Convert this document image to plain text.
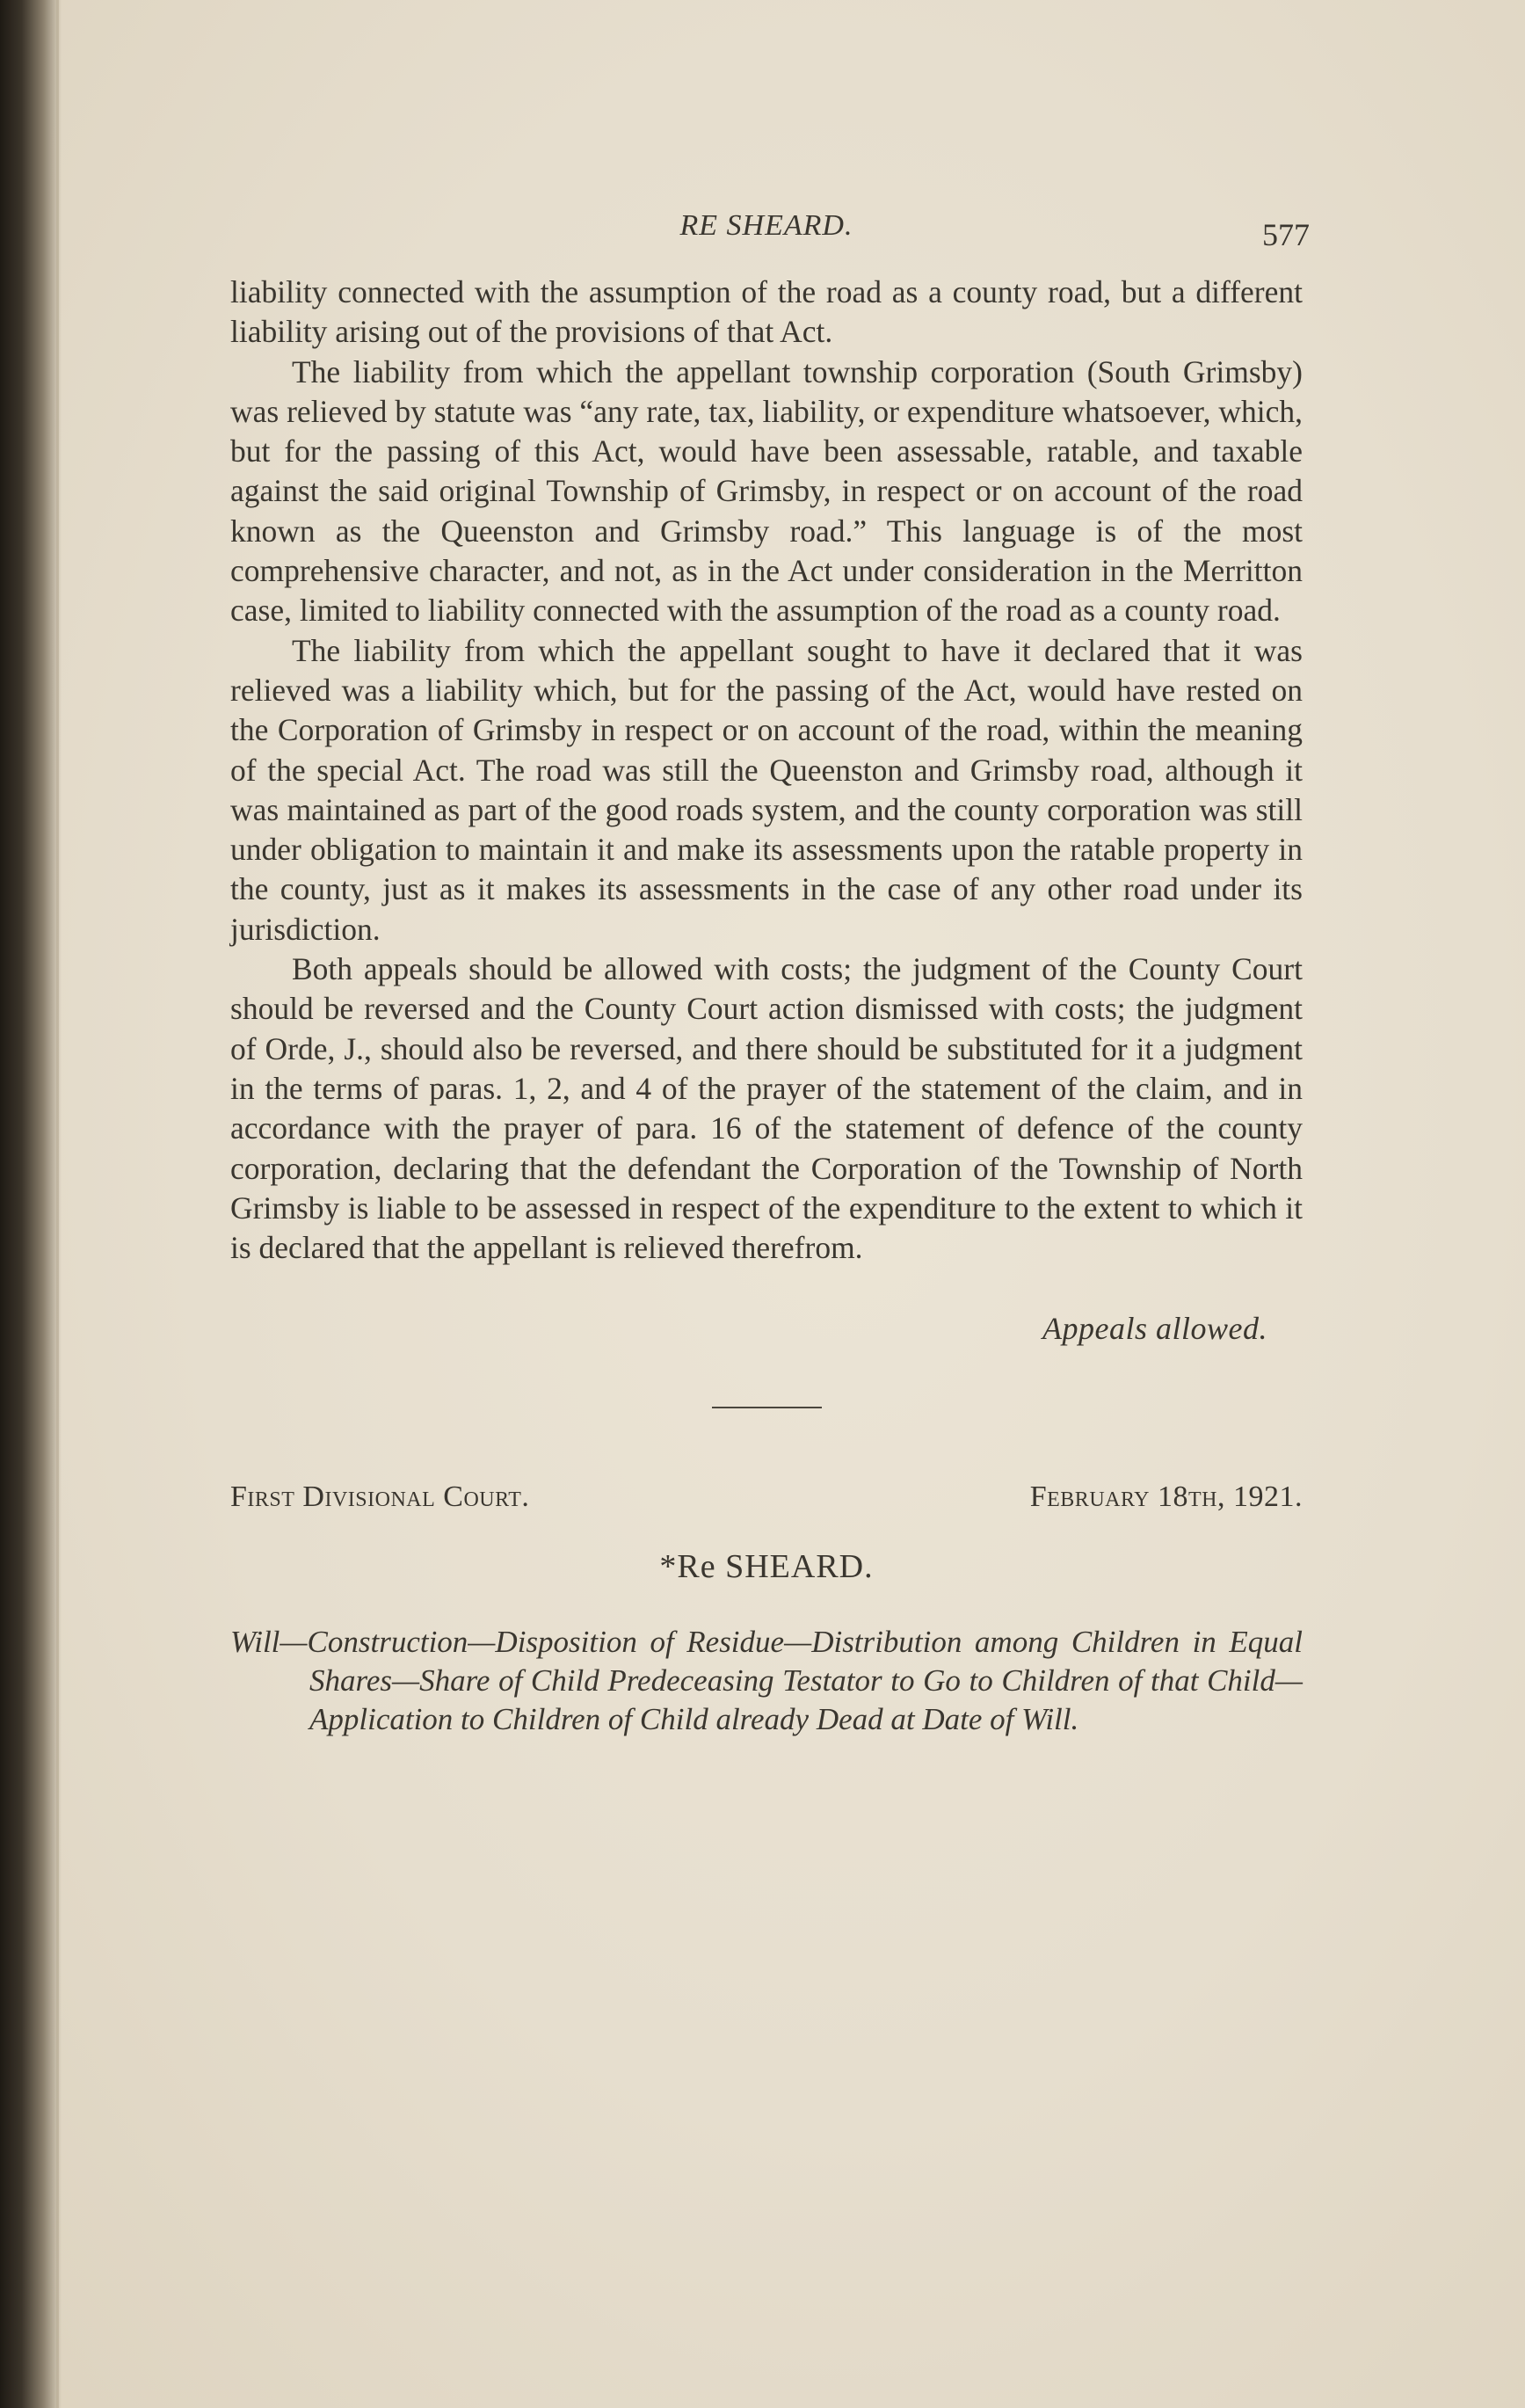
RE SHEARD.	577

liability connected with the assumption of the road as a county road, but a different liability arising out of the provisions of that Act.

The liability from which the appellant township corporation (South Grimsby) was relieved by statute was “any rate, tax, liability, or expenditure whatsoever, which, but for the passing of this Act, would have been assessable, ratable, and taxable against the said original Township of Grimsby, in respect or on account of the road known as the Queenston and Grimsby road.” This language is of the most comprehensive character, and not, as in the Act under consideration in the Merritton case, limited to liability connected with the assumption of the road as a county road.

The liability from which the appellant sought to have it declared that it was relieved was a liability which, but for the passing of the Act, would have rested on the Corporation of Grimsby in respect or on account of the road, within the meaning of the special Act. The road was still the Queenston and Grimsby road, although it was maintained as part of the good roads system, and the county corporation was still under obligation to maintain it and make its assessments upon the ratable property in the county, just as it makes its assessments in the case of any other road under its jurisdiction.

Both appeals should be allowed with costs; the judgment of the County Court should be reversed and the County Court action dismissed with costs; the judgment of Orde, J., should also be reversed, and there should be substituted for it a judgment in the terms of paras. 1, 2, and 4 of the prayer of the statement of the claim, and in accordance with the prayer of para. 16 of the statement of defence of the county corporation, declaring that the defendant the Corporation of the Township of North Grimsby is liable to be assessed in respect of the expenditure to the extent to which it is declared that the appellant is relieved therefrom.

Appeals allowed.
First Divisional Court.	February 18th, 1921.
*Re SHEARD.
Will—Construction—Disposition of Residue—Distribution among Children in Equal Shares—Share of Child Predeceasing Testator to Go to Children of that Child—Application to Children of Child already Dead at Date of Will.
